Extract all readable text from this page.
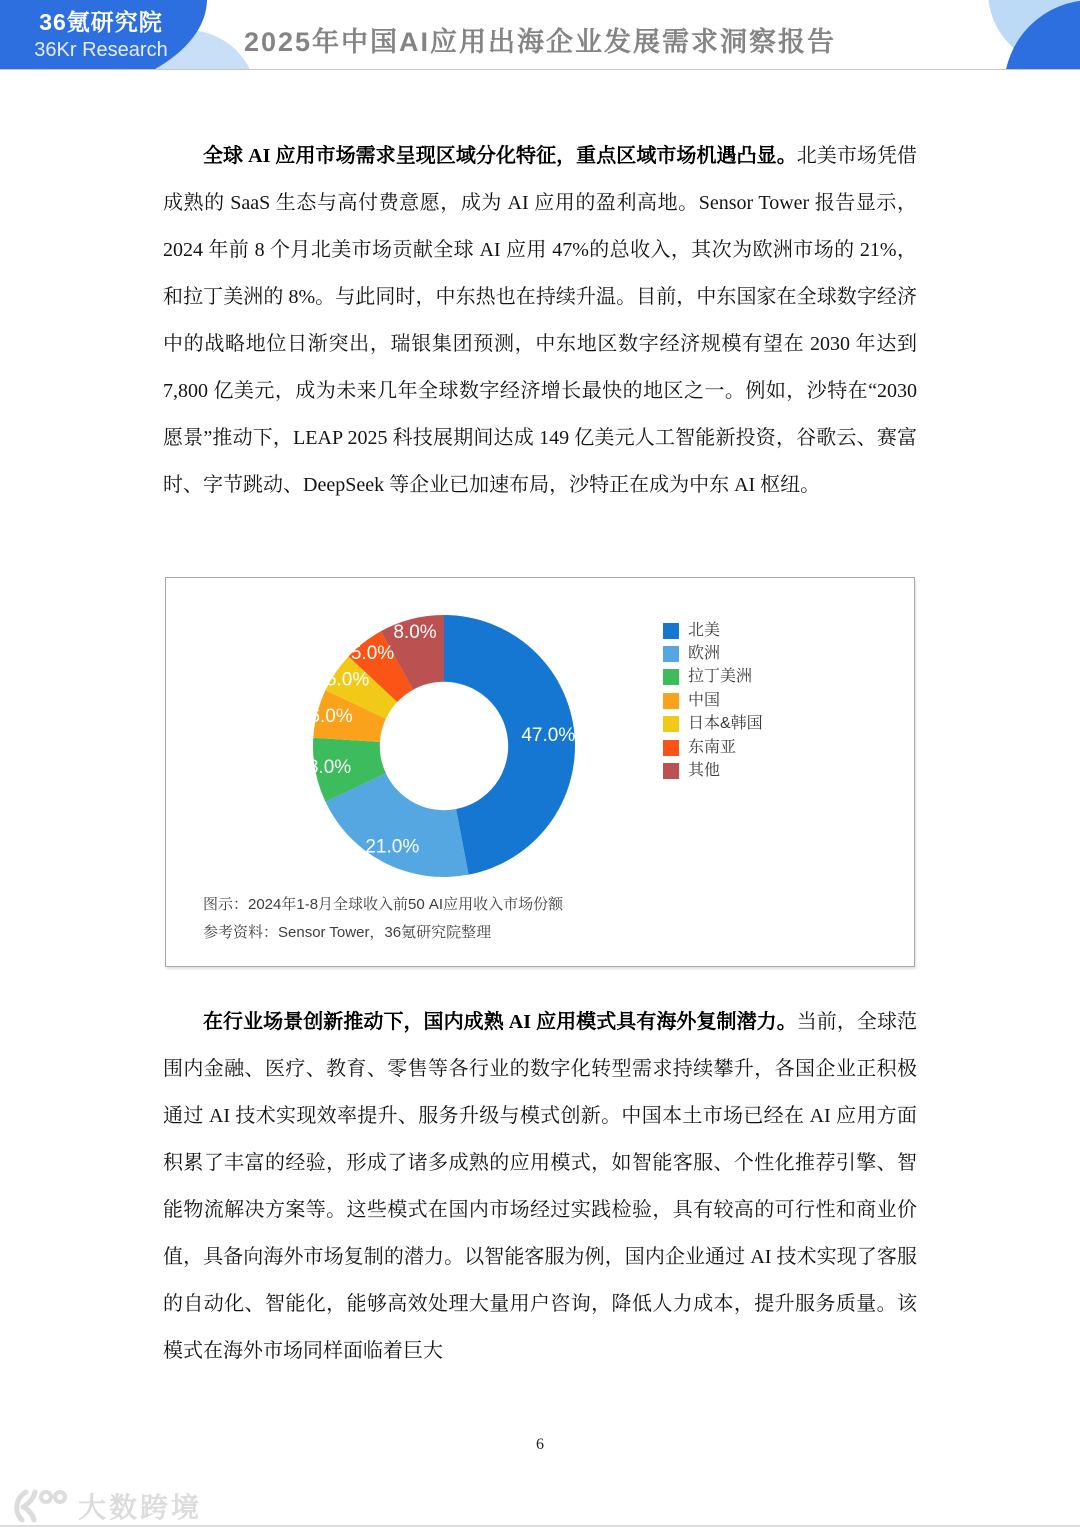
2025年中国AI应用出海企业发展需求洞察报告
36氪研究院
36Kr Research

全球 AI 应用市场需求呈现区域分化特征，重点区域市场机遇凸显。北美市场凭借成熟的 SaaS 生态与高付费意愿，成为 AI 应用的盈利高地。Sensor Tower 报告显示，2024 年前 8 个月北美市场贡献全球 AI 应用 47%的总收入，其次为欧洲市场的 21%，和拉丁美洲的 8%。与此同时，中东热也在持续升温。目前，中东国家在全球数字经济中的战略地位日渐突出，瑞银集团预测，中东地区数字经济规模有望在 2030 年达到 7,800 亿美元，成为未来几年全球数字经济增长最快的地区之一。例如，沙特在“2030 愿景”推动下，LEAP 2025 科技展期间达成 149 亿美元人工智能新投资，谷歌云、赛富时、字节跳动、DeepSeek 等企业已加速布局，沙特正在成为中东 AI 枢纽。

47.0%
21.0%
8.0%
6.0%
5.0%
5.0%
8.0%	北美
欧洲
拉丁美洲
中国
日本&韩国
东南亚
其他
图示：2024年1-8月全球收入前50 AI应用收入市场份额
参考资料：Sensor Tower，36氪研究院整理

在行业场景创新推动下，国内成熟 AI 应用模式具有海外复制潜力。当前，全球范围内金融、医疗、教育、零售等各行业的数字化转型需求持续攀升，各国企业正积极通过 AI 技术实现效率提升、服务升级与模式创新。中国本土市场已经在 AI 应用方面积累了丰富的经验，形成了诸多成熟的应用模式，如智能客服、个性化推荐引擎、智能物流解决方案等。这些模式在国内市场经过实践检验，具有较高的可行性和商业价值，具备向海外市场复制的潜力。以智能客服为例，国内企业通过 AI 技术实现了客服的自动化、智能化，能够高效处理大量用户咨询，降低人力成本，提升服务质量。该模式在海外市场同样面临着巨大

6
大数跨境
